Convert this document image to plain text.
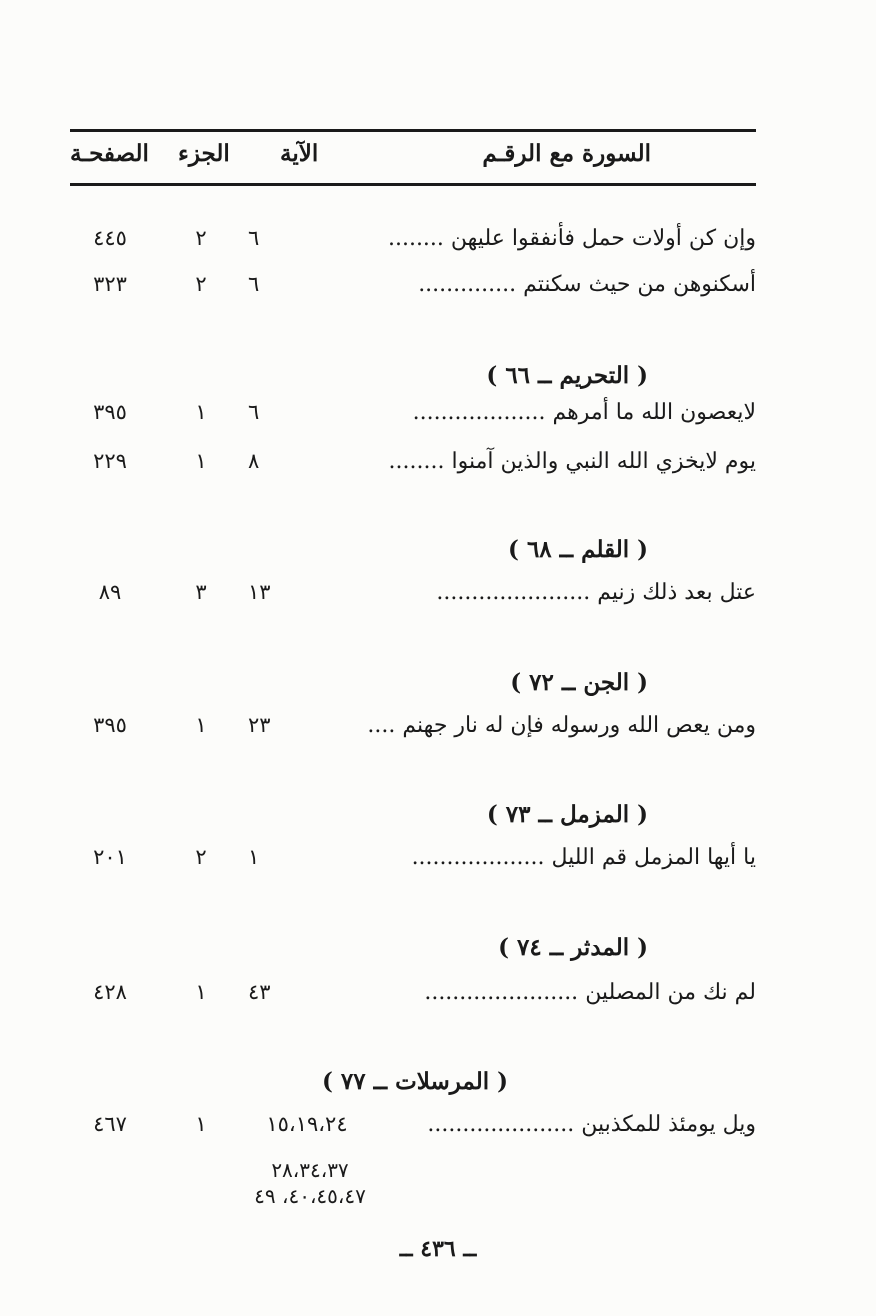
السورة مع الرقـم
الآية
الجزء
الصفحـة
وإن كن أولات حمل فأنفقوا عليهن ........
٦
٢
٤٤٥
أسكنوهن من حيث سكنتم ..............
٦
٢
٣٢٣
( التحريم ــ ٦٦ )
لايعصون الله ما أمرهم ...................
٦
١
٣٩٥
يوم لايخزي الله النبي والذين آمنوا ........
٨
١
٢٢٩
( القلم ــ ٦٨ )
عتل بعد ذلك زنيم ......................
١٣
٣
٨٩
( الجن ــ ٧٢ )
ومن يعص الله ورسوله فإن له نار جهنم ....
٢٣
١
٣٩٥
( المزمل ــ ٧٣ )
يا أيها المزمل قم الليل ...................
١
٢
٢٠١
( المدثر ــ ٧٤ )
لم نك من المصلين ......................
٤٣
١
٤٢٨
( المرسلات ــ ٧٧ )
ويل يومئذ للمكذبين .....................
١٥،١٩،٢٤
١
٤٦٧
٢٨،٣٤،٣٧
٤٠،٤٥،٤٧، ٤٩
ــ ٤٣٦ ــ
